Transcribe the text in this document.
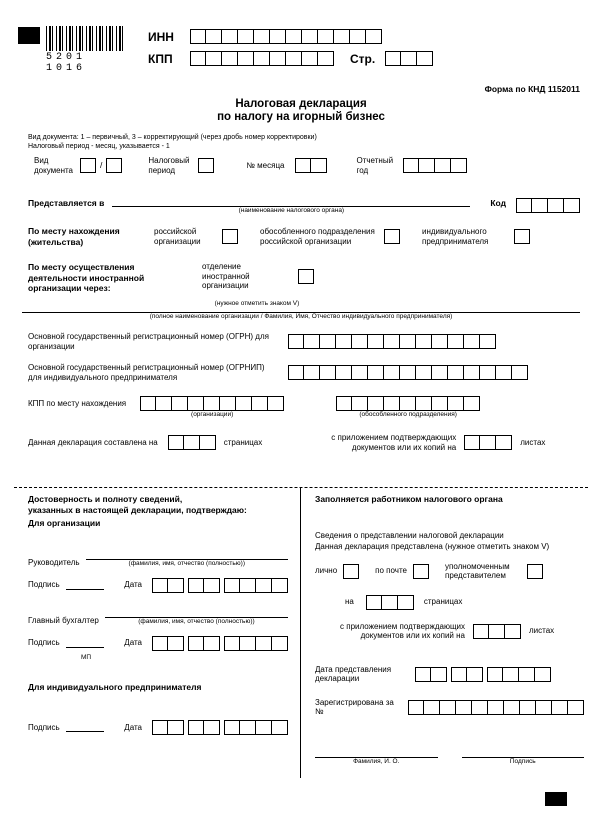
5201 1016
ИНН
КПП	Стр.
Форма по КНД 1152011
Налоговая декларация
по налогу на игорный бизнес
Вид документа: 1 – первичный, 3 – корректирующий (через дробь номер корректировки)
Налоговый период - месяц, указывается - 1
Вид документа	/	Налоговый период
№ месяца
Отчетный год
Представляется в
(наименование налогового органа)
Код
По месту нахождения (жительства)
российской организации
обособленного подразделения российской организации
индивидуального предпринимателя
По месту осуществления деятельности иностранной организации через:
отделение иностранной организации
(нужное отметить знаком V)
(полное наименование организации / Фамилия, Имя, Отчество индивидуального предпринимателя)
Основной государственный регистрационный номер (ОГРН) для организации
Основной государственный регистрационный номер (ОГРНИП) для индивидуального предпринимателя
КПП по месту нахождения
(организации)	(обособленного подразделения)
Данная декларация составлена на	страницах
с приложением подтверждающих документов или их копий на
листах
Достоверность и полноту сведений,
указанных в настоящей декларации, подтверждаю:
Для организации
Руководитель	(фамилия, имя, отчество (полностью))
Подпись	Дата
Главный бухгалтер	(фамилия, имя, отчество (полностью))
Подпись	Дата
МП
Для индивидуального предпринимателя
Подпись	Дата
Заполняется работником налогового органа
Сведения о представлении налоговой декларации
Данная декларация представлена (нужное отметить знаком V)
лично	по почте
уполномоченным представителем
на	страницах
с приложением подтверждающих документов или их копий на
листах
Дата представления декларации
Зарегистрирована за №
Фамилия, И. О.	Подпись
